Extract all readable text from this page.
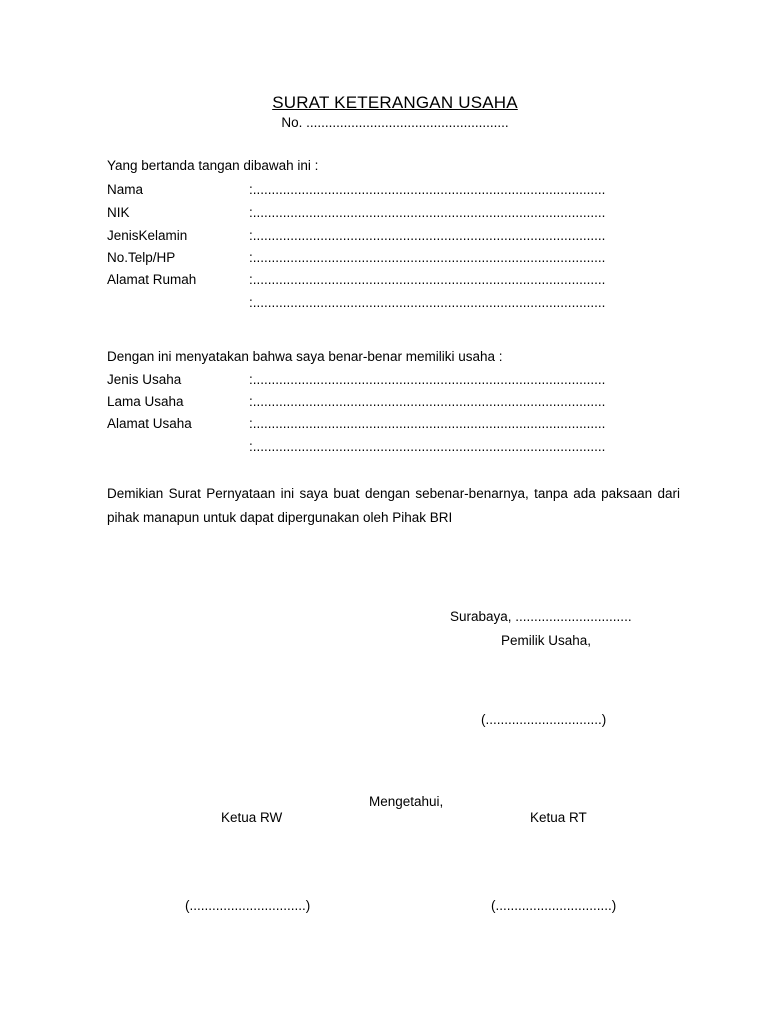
SURAT KETERANGAN USAHA
No. ......................................................
Yang bertanda tangan dibawah ini :
Nama	:..............................................................................................
NIK	:..............................................................................................
JenisKelamin	:..............................................................................................
No.Telp/HP	:..............................................................................................
Alamat Rumah	:..............................................................................................
:..............................................................................................
Dengan ini menyatakan bahwa saya benar-benar memiliki usaha :
Jenis Usaha	:..............................................................................................
Lama Usaha	:..............................................................................................
Alamat Usaha	:..............................................................................................
:..............................................................................................
Demikian Surat Pernyataan ini saya buat dengan sebenar-benarnya, tanpa ada paksaan dari pihak manapun untuk dapat dipergunakan oleh Pihak BRI
Surabaya, ...............................
Pemilik Usaha,
(...............................)
Mengetahui,
Ketua RW	Ketua RT
(...............................)	(...............................)
